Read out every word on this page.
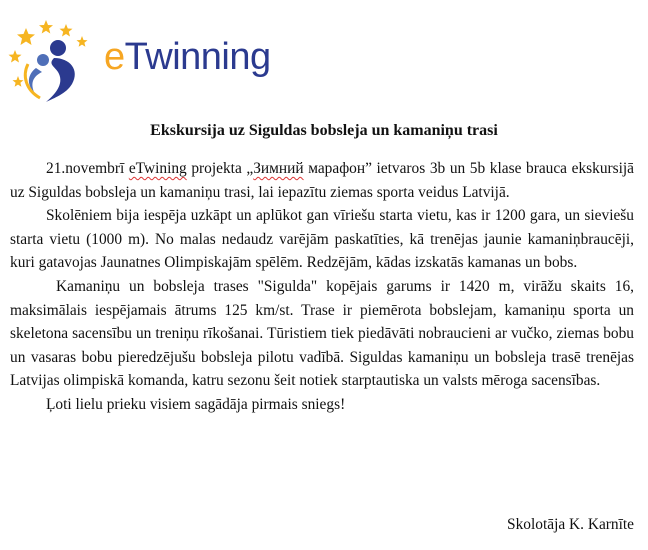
eTwinning
Ekskursija uz Siguldas bobsleja un kamaniņu trasi

21.novembrī eTwining projekta „Зимний марафон” ietvaros 3b un 5b klase brauca ekskursijā uz Siguldas bobsleja un kamaniņu trasi, lai iepazītu ziemas sporta veidus Latvijā.

Skolēniem bija iespēja uzkāpt un aplūkot gan vīriešu starta vietu, kas ir 1200 gara, un sieviešu starta vietu (1000 m). No malas nedaudz varējām paskatīties, kā trenējas jaunie kamaniņbraucēji, kuri gatavojas Jaunatnes Olimpiskajām spēlēm. Redzējām, kādas izskatās kamanas un bobs.

Kamaniņu un bobsleja trases "Sigulda" kopējais garums ir 1420 m, virāžu skaits 16, maksimālais iespējamais ātrums 125 km/st. Trase ir piemērota bobslejam, kamaniņu sporta un skeletona sacensību un treniņu rīkošanai. Tūristiem tiek piedāvāti nobraucieni ar vučko, ziemas bobu un vasaras bobu pieredzējušu bobsleja pilotu vadībā. Siguldas kamaniņu un bobsleja trasē trenējas Latvijas olimpiskā komanda, katru sezonu šeit notiek starptautiska un valsts mēroga sacensības.

Ļoti lielu prieku visiem sagādāja pirmais sniegs!

Skolotāja K. Karnīte
